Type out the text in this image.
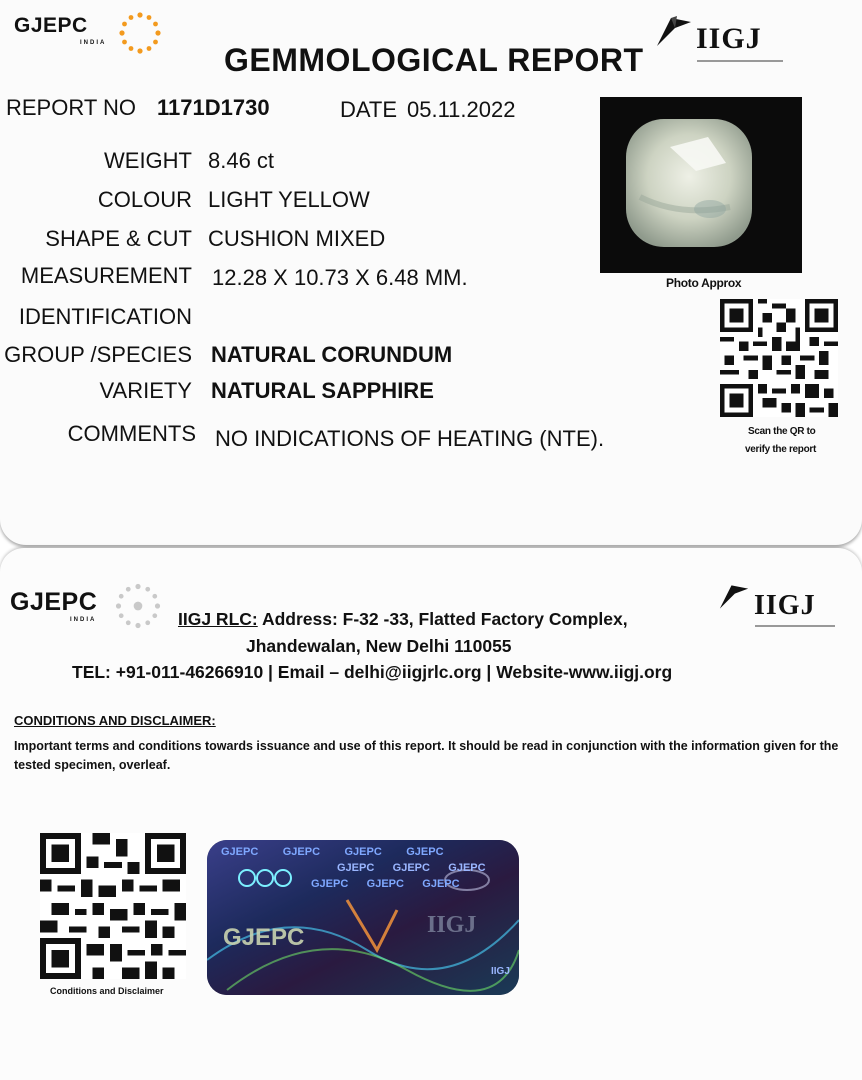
GJEPC
INDIA	IIGJ
GEMMOLOGICAL REPORT
REPORT NO 1171D1730	DATE 05.11.2022
WEIGHT 8.46 ct
COLOUR LIGHT YELLOW
SHAPE & CUT CUSHION MIXED
MEASUREMENT 12.28 X 10.73 X 6.48 MM.
IDENTIFICATION
GROUP /SPECIES NATURAL CORUNDUM
VARIETY NATURAL SAPPHIRE
COMMENTS NO INDICATIONS OF HEATING (NTE).
Photo Approx
Scan the QR to
verify the report
GJEPC
INDIA	IIGJ
IIGJ RLC: Address: F-32 -33, Flatted Factory Complex,
Jhandewalan, New Delhi 110055
TEL: +91-011-46266910 | Email – delhi@iigjrlc.org | Website-www.iigj.org
CONDITIONS AND DISCLAIMER:
Important terms and conditions towards issuance and use of this report. It should be read in conjunction with the information given for the tested specimen, overleaf.
Conditions and Disclaimer
GJEPC GJEPC GJEPC GJEPC
GJEPC GJEPC GJEPC
GJEPC GJEPC GJEPC
GJEPC	IIGJ
IIGJ
